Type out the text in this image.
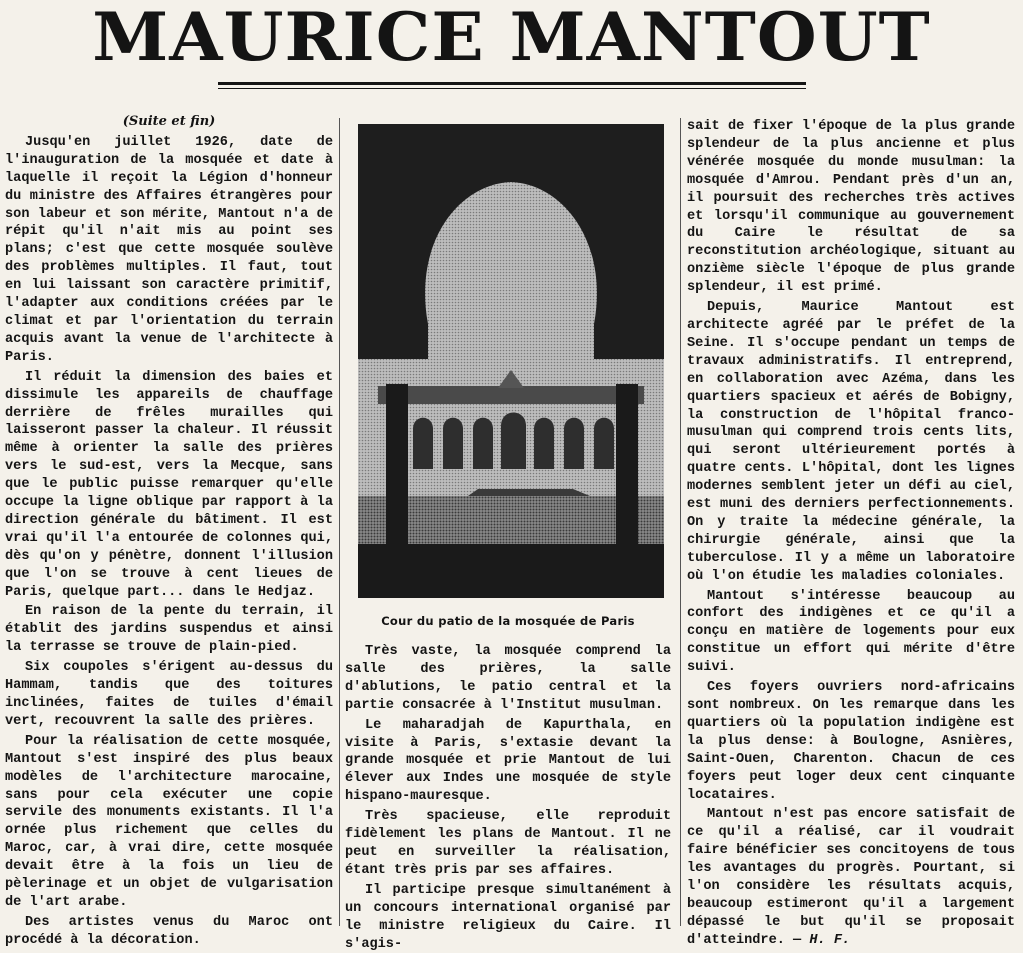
MAURICE MANTOUT
(Suite et fin)

Jusqu'en juillet 1926, date de l'inauguration de la mosquée et date à laquelle il reçoit la Légion d'honneur du ministre des Affaires étrangères pour son labeur et son mérite, Mantout n'a de répit qu'il n'ait mis au point ses plans; c'est que cette mosquée soulève des problèmes multiples. Il faut, tout en lui laissant son caractère primitif, l'adapter aux conditions créées par le climat et par l'orientation du terrain acquis avant la venue de l'architecte à Paris.

Il réduit la dimension des baies et dissimule les appareils de chauffage derrière de frêles murailles qui laisseront passer la chaleur. Il réussit même à orienter la salle des prières vers le sud-est, vers la Mecque, sans que le public puisse remarquer qu'elle occupe la ligne oblique par rapport à la direction générale du bâtiment. Il est vrai qu'il l'a entourée de colonnes qui, dès qu'on y pénètre, donnent l'illusion que l'on se trouve à cent lieues de Paris, quelque part... dans le Hedjaz.

En raison de la pente du terrain, il établit des jardins suspendus et ainsi la terrasse se trouve de plain-pied.

Six coupoles s'érigent au-dessus du Hammam, tandis que des toitures inclinées, faites de tuiles d'émail vert, recouvrent la salle des prières.

Pour la réalisation de cette mosquée, Mantout s'est inspiré des plus beaux modèles de l'architecture marocaine, sans pour cela exécuter une copie servile des monuments existants. Il l'a ornée plus richement que celles du Maroc, car, à vrai dire, cette mosquée devait être à la fois un lieu de pèlerinage et un objet de vulgarisation de l'art arabe.

Des artistes venus du Maroc ont procédé à la décoration.

Cour du patio de la mosquée de Paris

Très vaste, la mosquée comprend la salle des prières, la salle d'ablutions, le patio central et la partie consacrée à l'Institut musulman.

Le maharadjah de Kapurthala, en visite à Paris, s'extasie devant la grande mosquée et prie Mantout de lui élever aux Indes une mosquée de style hispano-mauresque.

Très spacieuse, elle reproduit fidèlement les plans de Mantout. Il ne peut en surveiller la réalisation, étant très pris par ses affaires.

Il participe presque simultanément à un concours international organisé par le ministre religieux du Caire. Il s'agis-

sait de fixer l'époque de la plus grande splendeur de la plus ancienne et plus vénérée mosquée du monde musulman: la mosquée d'Amrou. Pendant près d'un an, il poursuit des recherches très actives et lorsqu'il communique au gouvernement du Caire le résultat de sa reconstitution archéologique, situant au onzième siècle l'époque de plus grande splendeur, il est primé.

Depuis, Maurice Mantout est architecte agréé par le préfet de la Seine. Il s'occupe pendant un temps de travaux administratifs. Il entreprend, en collaboration avec Azéma, dans les quartiers spacieux et aérés de Bobigny, la construction de l'hôpital franco-musulman qui comprend trois cents lits, qui seront ultérieurement portés à quatre cents. L'hôpital, dont les lignes modernes semblent jeter un défi au ciel, est muni des derniers perfectionnements. On y traite la médecine générale, la chirurgie générale, ainsi que la tuberculose. Il y a même un laboratoire où l'on étudie les maladies coloniales.

Mantout s'intéresse beaucoup au confort des indigènes et ce qu'il a conçu en matière de logements pour eux constitue un effort qui mérite d'être suivi.

Ces foyers ouvriers nord-africains sont nombreux. On les remarque dans les quartiers où la population indigène est la plus dense: à Boulogne, Asnières, Saint-Ouen, Charenton. Chacun de ces foyers peut loger deux cent cinquante locataires.

Mantout n'est pas encore satisfait de ce qu'il a réalisé, car il voudrait faire bénéficier ses concitoyens de tous les avantages du progrès. Pourtant, si l'on considère les résultats acquis, beaucoup estimeront qu'il a largement dépassé le but qu'il se proposait d'atteindre. — H. F.
